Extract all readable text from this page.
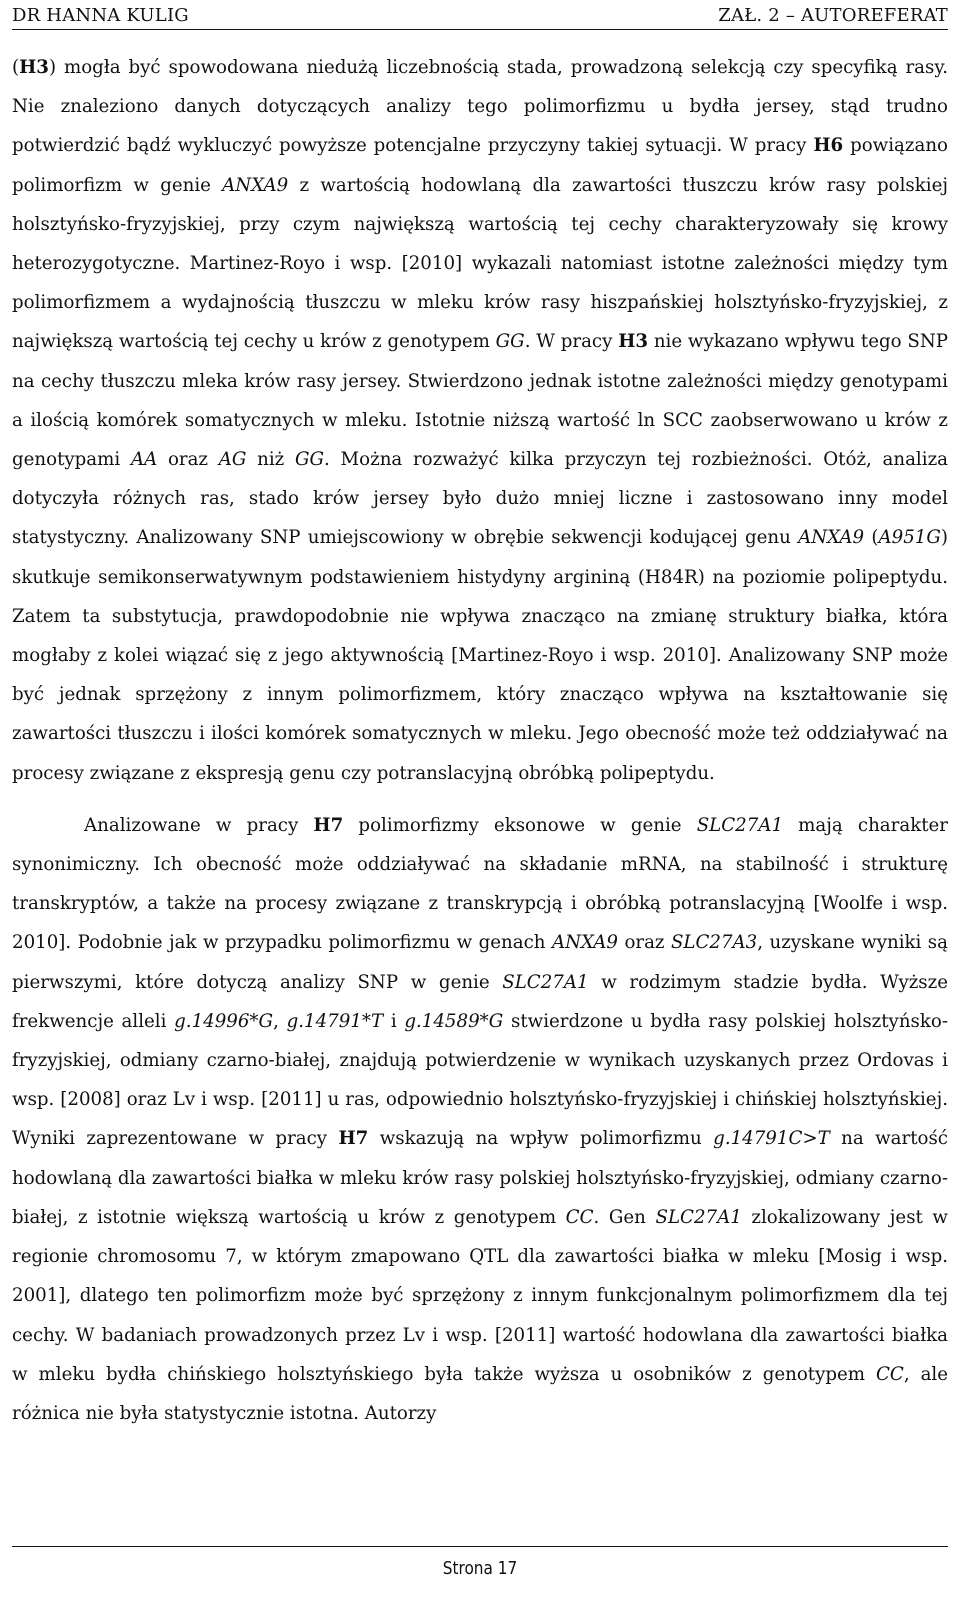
DR HANNA KULIG	ZAŁ. 2 – AUTOREFERAT

(H3) mogła być spowodowana niedużą liczebnością stada, prowadzoną selekcją czy specyfiką rasy. Nie znaleziono danych dotyczących analizy tego polimorfizmu u bydła jersey, stąd trudno potwierdzić bądź wykluczyć powyższe potencjalne przyczyny takiej sytuacji. W pracy H6 powiązano polimorfizm w genie ANXA9 z wartością hodowlaną dla zawartości tłuszczu krów rasy polskiej holsztyńsko-fryzyjskiej, przy czym największą wartością tej cechy charakteryzowały się krowy heterozygotyczne. Martinez-Royo i wsp. [2010] wykazali natomiast istotne zależności między tym polimorfizmem a wydajnością tłuszczu w mleku krów rasy hiszpańskiej holsztyńsko-fryzyjskiej, z największą wartością tej cechy u krów z genotypem GG. W pracy H3 nie wykazano wpływu tego SNP na cechy tłuszczu mleka krów rasy jersey. Stwierdzono jednak istotne zależności między genotypami a ilością komórek somatycznych w mleku. Istotnie niższą wartość ln SCC zaobserwowano u krów z genotypami AA oraz AG niż GG. Można rozważyć kilka przyczyn tej rozbieżności. Otóż, analiza dotyczyła różnych ras, stado krów jersey było dużo mniej liczne i zastosowano inny model statystyczny. Analizowany SNP umiejscowiony w obrębie sekwencji kodującej genu ANXA9 (A951G) skutkuje semikonserwatywnym podstawieniem histydyny argininą (H84R) na poziomie polipeptydu. Zatem ta substytucja, prawdopodobnie nie wpływa znacząco na zmianę struktury białka, która mogłaby z kolei wiązać się z jego aktywnością [Martinez-Royo i wsp. 2010]. Analizowany SNP może być jednak sprzężony z innym polimorfizmem, który znacząco wpływa na kształtowanie się zawartości tłuszczu i ilości komórek somatycznych w mleku. Jego obecność może też oddziaływać na procesy związane z ekspresją genu czy potranslacyjną obróbką polipeptydu.

Analizowane w pracy H7 polimorfizmy eksonowe w genie SLC27A1 mają charakter synonimiczny. Ich obecność może oddziaływać na składanie mRNA, na stabilność i strukturę transkryptów, a także na procesy związane z transkrypcją i obróbką potranslacyjną [Woolfe i wsp. 2010]. Podobnie jak w przypadku polimorfizmu w genach ANXA9 oraz SLC27A3, uzyskane wyniki są pierwszymi, które dotyczą analizy SNP w genie SLC27A1 w rodzimym stadzie bydła. Wyższe frekwencje alleli g.14996*G, g.14791*T i g.14589*G stwierdzone u bydła rasy polskiej holsztyńsko-fryzyjskiej, odmiany czarno-białej, znajdują potwierdzenie w wynikach uzyskanych przez Ordovas i wsp. [2008] oraz Lv i wsp. [2011] u ras, odpowiednio holsztyńsko-fryzyjskiej i chińskiej holsztyńskiej. Wyniki zaprezentowane w pracy H7 wskazują na wpływ polimorfizmu g.14791C>T na wartość hodowlaną dla zawartości białka w mleku krów rasy polskiej holsztyńsko-fryzyjskiej, odmiany czarno-białej, z istotnie większą wartością u krów z genotypem CC. Gen SLC27A1 zlokalizowany jest w regionie chromosomu 7, w którym zmapowano QTL dla zawartości białka w mleku [Mosig i wsp. 2001], dlatego ten polimorfizm może być sprzężony z innym funkcjonalnym polimorfizmem dla tej cechy. W badaniach prowadzonych przez Lv i wsp. [2011] wartość hodowlana dla zawartości białka w mleku bydła chińskiego holsztyńskiego była także wyższa u osobników z genotypem CC, ale różnica nie była statystycznie istotna. Autorzy

Strona 17
